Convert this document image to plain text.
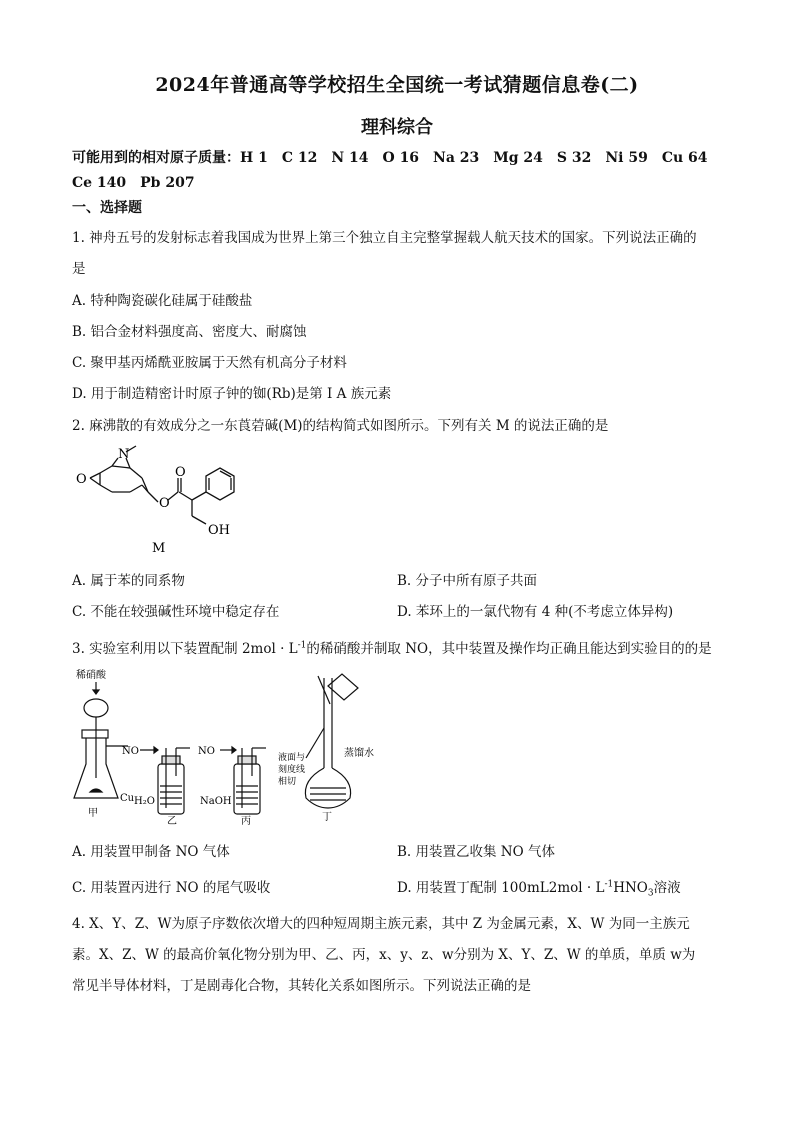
2024年普通高等学校招生全国统一考试猜题信息卷(二)
理科综合
可能用到的相对原子质量：H 1　C 12　N 14　O 16　Na 23　Mg 24　S 32　Ni 59　Cu 64　Ce 140　Pb 207
一、选择题
1. 神舟五号的发射标志着我国成为世界上第三个独立自主完整掌握载人航天技术的国家。下列说法正确的
是
A. 特种陶瓷碳化硅属于硅酸盐
B. 铝合金材料强度高、密度大、耐腐蚀
C. 聚甲基丙烯酰亚胺属于天然有机高分子材料
D. 用于制造精密计时原子钟的铷(Rb)是第 I A 族元素
2. 麻沸散的有效成分之一东莨菪碱(M)的结构简式如图所示。下列有关 M 的说法正确的是
O
N
O
O
OH
M
A. 属于苯的同系物	B. 分子中所有原子共面
C. 不能在较强碱性环境中稳定存在	D. 苯环上的一氯代物有 4 种(不考虑立体异构)
3. 实验室利用以下装置配制 $2mol \cdot L^{-1}$的稀硝酸并制取 NO，其中装置及操作均正确且能达到实验目的的是
稀硝酸
Cu
甲
NO
H₂O
乙
NO
NaOH
丙
蒸馏水
液面与
刻度线
相切
丁
A. 用装置甲制备 NO 气体	B. 用装置乙收集 NO 气体
C. 用装置丙进行 NO 的尾气吸收	D. 用装置丁配制 $100mL2mol \cdot L^{-1}HNO_3$溶液
4. X、Y、Z、W为原子序数依次增大的四种短周期主族元素，其中 Z 为金属元素，X、W 为同一主族元
素。X、Z、W 的最高价氧化物分别为甲、乙、丙，x、y、z、w分别为 X、Y、Z、W 的单质，单质 w为
常见半导体材料，丁是剧毒化合物，其转化关系如图所示。下列说法正确的是
